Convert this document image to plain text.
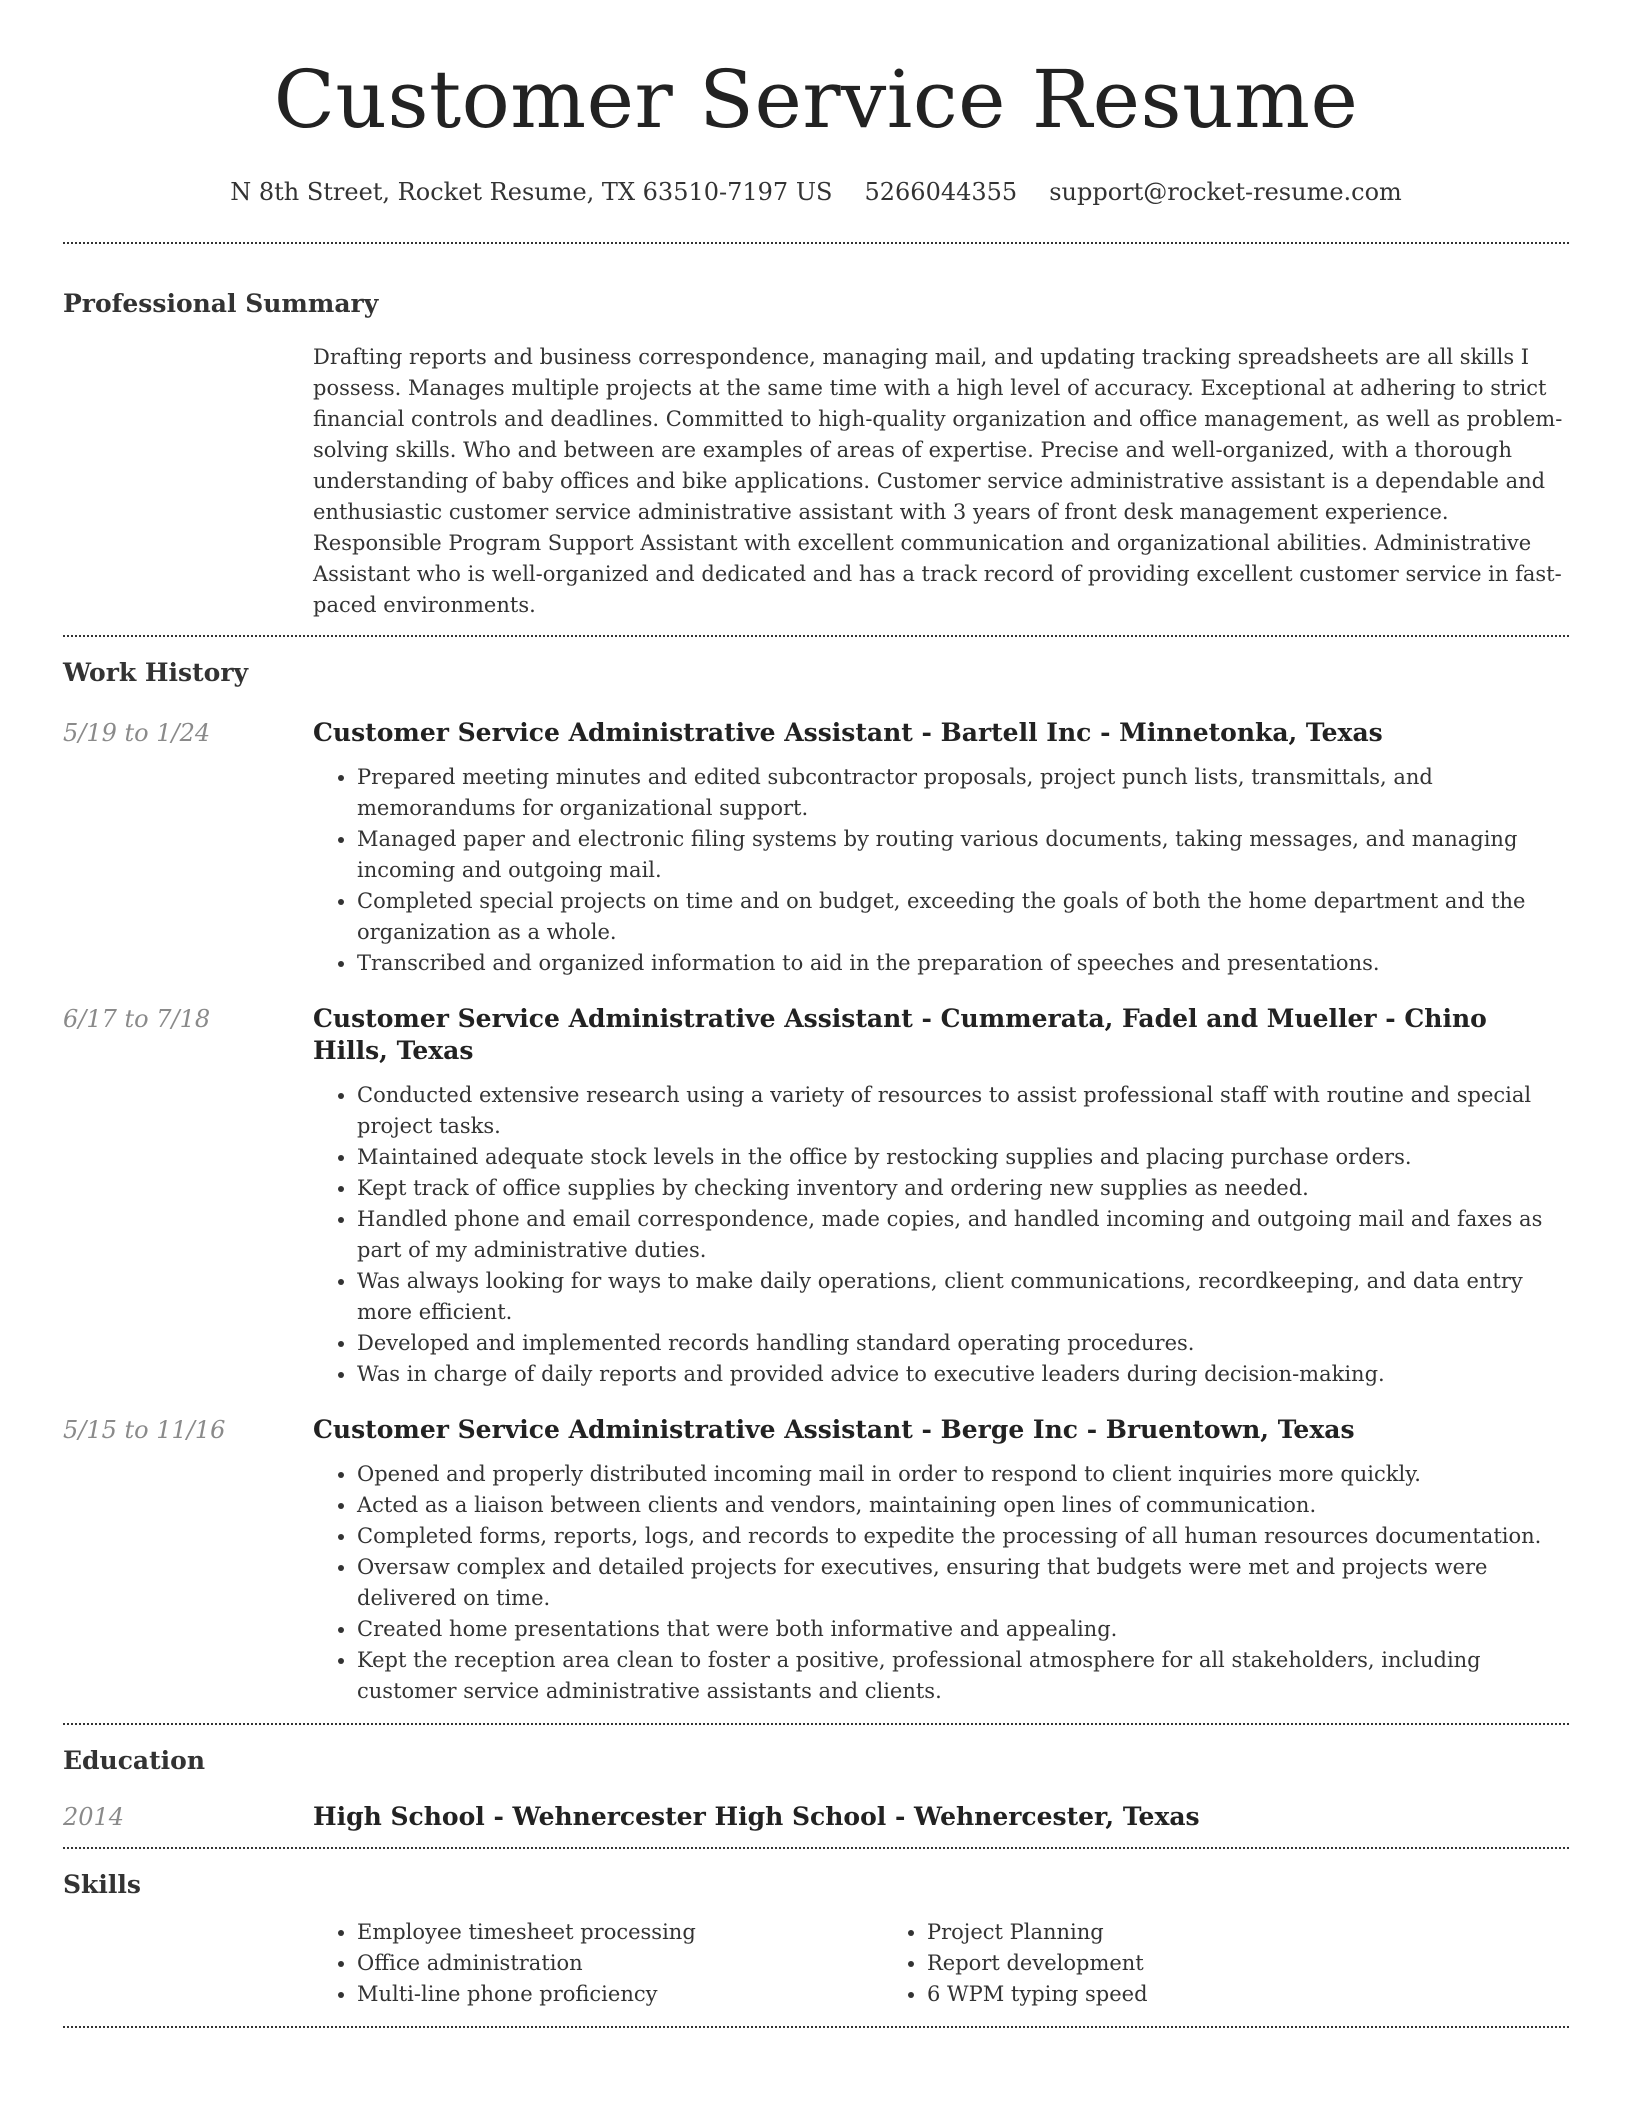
Customer Service Resume
N 8th Street, Rocket Resume, TX 63510-7197 US 5266044355 support@rocket-resume.com
Professional Summary
Drafting reports and business correspondence, managing mail, and updating tracking spreadsheets are all skills I possess. Manages multiple projects at the same time with a high level of accuracy. Exceptional at adhering to strict financial controls and deadlines. Committed to high-quality organization and office management, as well as problem-solving skills. Who and between are examples of areas of expertise. Precise and well-organized, with a thorough understanding of baby offices and bike applications. Customer service administrative assistant is a dependable and enthusiastic customer service administrative assistant with 3 years of front desk management experience. Responsible Program Support Assistant with excellent communication and organizational abilities. Administrative Assistant who is well-organized and dedicated and has a track record of providing excellent customer service in fast-paced environments.
Work History
5/19 to 1/24	Customer Service Administrative Assistant - Bartell Inc - Minnetonka, Texas
• Prepared meeting minutes and edited subcontractor proposals, project punch lists, transmittals, and memorandums for organizational support.
• Managed paper and electronic filing systems by routing various documents, taking messages, and managing incoming and outgoing mail.
• Completed special projects on time and on budget, exceeding the goals of both the home department and the organization as a whole.
• Transcribed and organized information to aid in the preparation of speeches and presentations.
6/17 to 7/18	Customer Service Administrative Assistant - Cummerata, Fadel and Mueller - Chino Hills, Texas
• Conducted extensive research using a variety of resources to assist professional staff with routine and special project tasks.
• Maintained adequate stock levels in the office by restocking supplies and placing purchase orders.
• Kept track of office supplies by checking inventory and ordering new supplies as needed.
• Handled phone and email correspondence, made copies, and handled incoming and outgoing mail and faxes as part of my administrative duties.
• Was always looking for ways to make daily operations, client communications, recordkeeping, and data entry more efficient.
• Developed and implemented records handling standard operating procedures.
• Was in charge of daily reports and provided advice to executive leaders during decision-making.
5/15 to 11/16	Customer Service Administrative Assistant - Berge Inc - Bruentown, Texas
• Opened and properly distributed incoming mail in order to respond to client inquiries more quickly.
• Acted as a liaison between clients and vendors, maintaining open lines of communication.
• Completed forms, reports, logs, and records to expedite the processing of all human resources documentation.
• Oversaw complex and detailed projects for executives, ensuring that budgets were met and projects were delivered on time.
• Created home presentations that were both informative and appealing.
• Kept the reception area clean to foster a positive, professional atmosphere for all stakeholders, including customer service administrative assistants and clients.
Education
2014	High School - Wehnercester High School - Wehnercester, Texas
Skills
• Employee timesheet processing
• Office administration
• Multi-line phone proficiency
• Project Planning
• Report development
• 6 WPM typing speed
